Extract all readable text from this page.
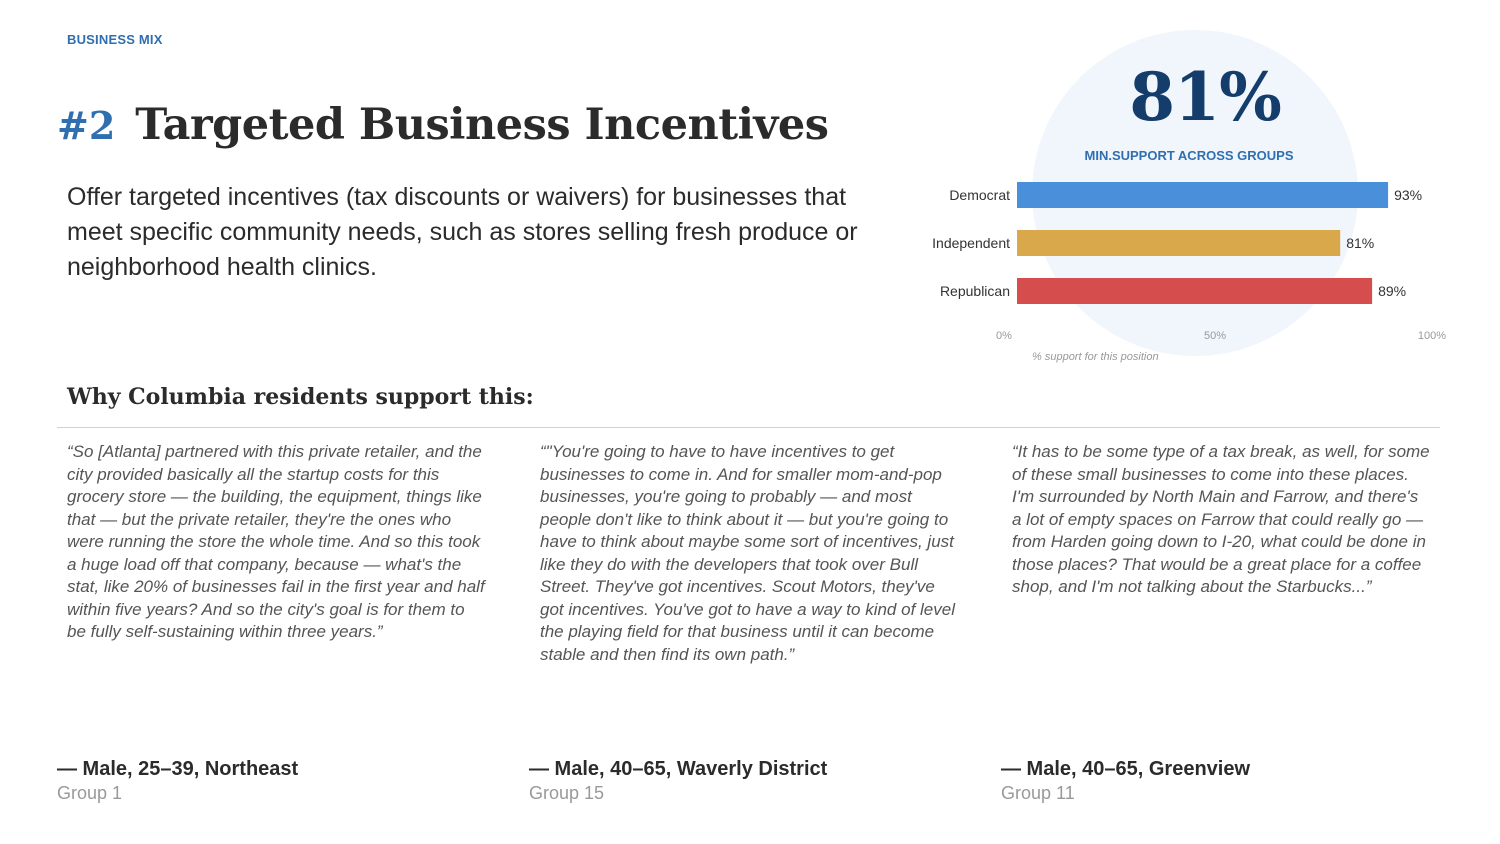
BUSINESS MIX
#2 Targeted Business Incentives
Offer targeted incentives (tax discounts or waivers) for businesses that meet specific community needs, such as stores selling fresh produce or neighborhood health clinics.
81%
MIN.SUPPORT ACROSS GROUPS
Democrat	93%
Independent	81%
Republican	89%
0%	50%	100%
% support for this position
Why Columbia residents support this:
“So [Atlanta] partnered with this private retailer, and the city provided basically all the startup costs for this grocery store — the building, the equipment, things like that — but the private retailer, they're the ones who were running the store the whole time. And so this took a huge load off that company, because — what's the stat, like 20% of businesses fail in the first year and half within five years? And so the city's goal is for them to be fully self-sustaining within three years.”
“"You're going to have to have incentives to get businesses to come in. And for smaller mom-and-pop businesses, you're going to probably — and most people don't like to think about it — but you're going to have to think about maybe some sort of incentives, just like they do with the developers that took over Bull Street. They've got incentives. Scout Motors, they've got incentives. You've got to have a way to kind of level the playing field for that business until it can become stable and then find its own path.”
“It has to be some type of a tax break, as well, for some of these small businesses to come into these places. I'm surrounded by North Main and Farrow, and there's a lot of empty spaces on Farrow that could really go — from Harden going down to I-20, what could be done in those places? That would be a great place for a coffee shop, and I'm not talking about the Starbucks...”
— Male, 25–39, Northeast	— Male, 40–65, Waverly District	— Male, 40–65, Greenview
Group 1	Group 15	Group 11
